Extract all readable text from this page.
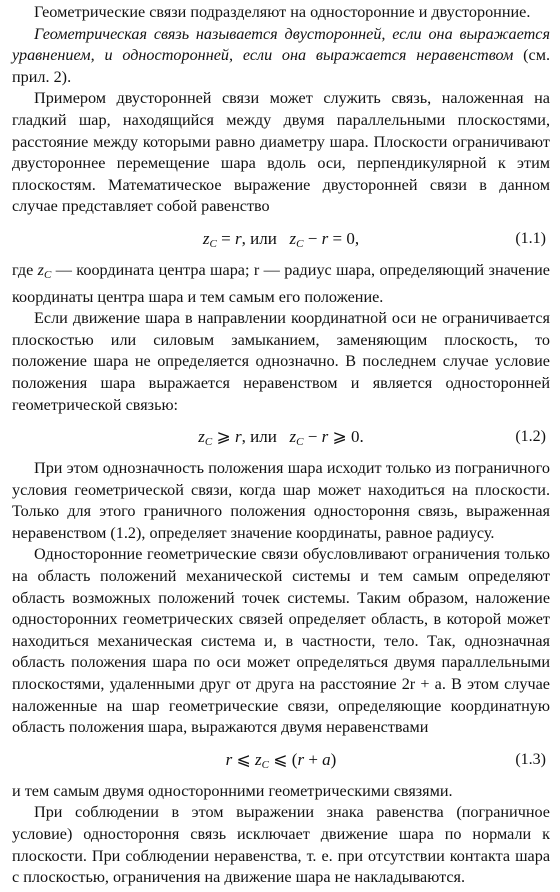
Геометрические связи подразделяют на односторонние и двусторонние.

Геометрическая связь называется двусторонней, если она выражается уравнением, и односторонней, если она выражается неравенством (см. прил. 2).

Примером двусторонней связи может служить связь, наложенная на гладкий шар, находящийся между двумя параллельными плоскостями, расстояние между которыми равно диаметру шара. Плоскости ограничивают двустороннее перемещение шара вдоль оси, перпендикулярной к этим плоскостям. Математическое выражение двусторонней связи в данном случае представляет собой равенство

$z_C = r$, или $z_C - r = 0$,	(1.1)

где $z_C$ — координата центра шара; r — радиус шара, определяющий значение координаты центра шара и тем самым его положение.

Если движение шара в направлении координатной оси не ограничивается плоскостью или силовым замыканием, заменяющим плоскость, то положение шара не определяется однозначно. В последнем случае условие положения шара выражается неравенством и является односторонней геометрической связью:

$z_C$ ⩾ r, или $z_C - r$ ⩾ 0.	(1.2)

При этом однозначность положения шара исходит только из пограничного условия геометрической связи, когда шар может находиться на плоскости. Только для этого граничного положения одностороння связь, выраженная неравенством (1.2), определяет значение координаты, равное радиусу.

Односторонние геометрические связи обусловливают ограничения только на область положений механической системы и тем самым определяют область возможных положений точек системы. Таким образом, наложение односторонних геометрических связей определяет область, в которой может находиться механическая система и, в частности, тело. Так, однозначная область положения шара по оси может определяться двумя параллельными плоскостями, удаленными друг от друга на расстояние 2r + a. В этом случае наложенные на шар геометрические связи, определяющие координатную область положения шара, выражаются двумя неравенствами

r ⩽ $z_C$ ⩽ (r + a)	(1.3)

и тем самым двумя односторонними геометрическими связями.

При соблюдении в этом выражении знака равенства (пограничное условие) одностороння связь исключает движение шара по нормали к плоскости. При соблюдении неравенства, т. е. при отсутствии контакта шара с плоскостью, ограничения на движение шара не накладываются.
